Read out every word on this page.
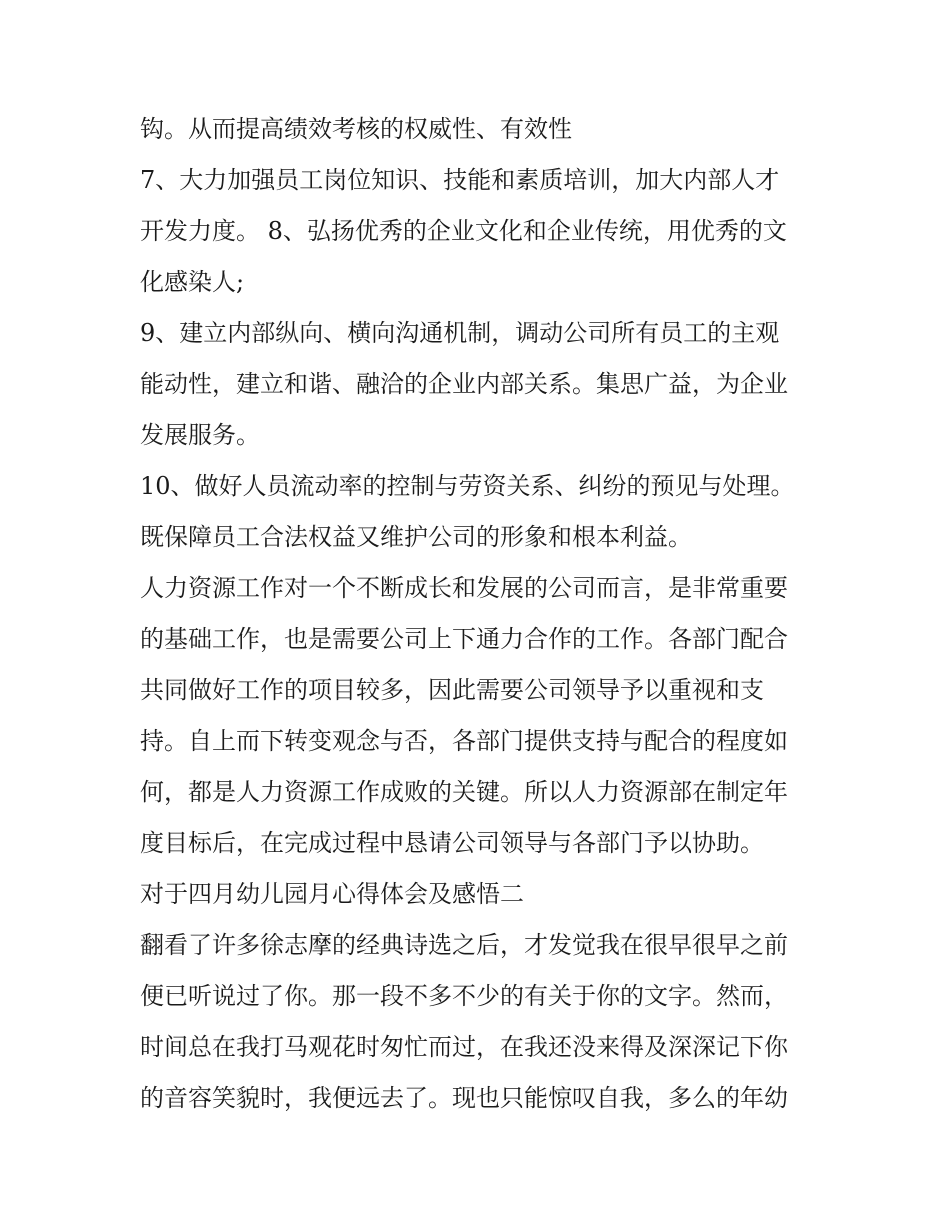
钩。从而提高绩效考核的权威性、有效性
7、大力加强员工岗位知识、技能和素质培训，加大内部人才
开发力度。 8、弘扬优秀的企业文化和企业传统，用优秀的文
化感染人;
9、建立内部纵向、横向沟通机制，调动公司所有员工的主观
能动性，建立和谐、融洽的企业内部关系。集思广益，为企业
发展服务。
10、做好人员流动率的控制与劳资关系、纠纷的预见与处理。
既保障员工合法权益又维护公司的形象和根本利益。
人力资源工作对一个不断成长和发展的公司而言，是非常重要
的基础工作，也是需要公司上下通力合作的工作。各部门配合
共同做好工作的项目较多，因此需要公司领导予以重视和支
持。自上而下转变观念与否，各部门提供支持与配合的程度如
何，都是人力资源工作成败的关键。所以人力资源部在制定年
度目标后，在完成过程中恳请公司领导与各部门予以协助。
对于四月幼儿园月心得体会及感悟二
翻看了许多徐志摩的经典诗选之后，才发觉我在很早很早之前
便已听说过了你。那一段不多不少的有关于你的文字。然而，
时间总在我打马观花时匆忙而过，在我还没来得及深深记下你
的音容笑貌时，我便远去了。现也只能惊叹自我，多么的年幼
